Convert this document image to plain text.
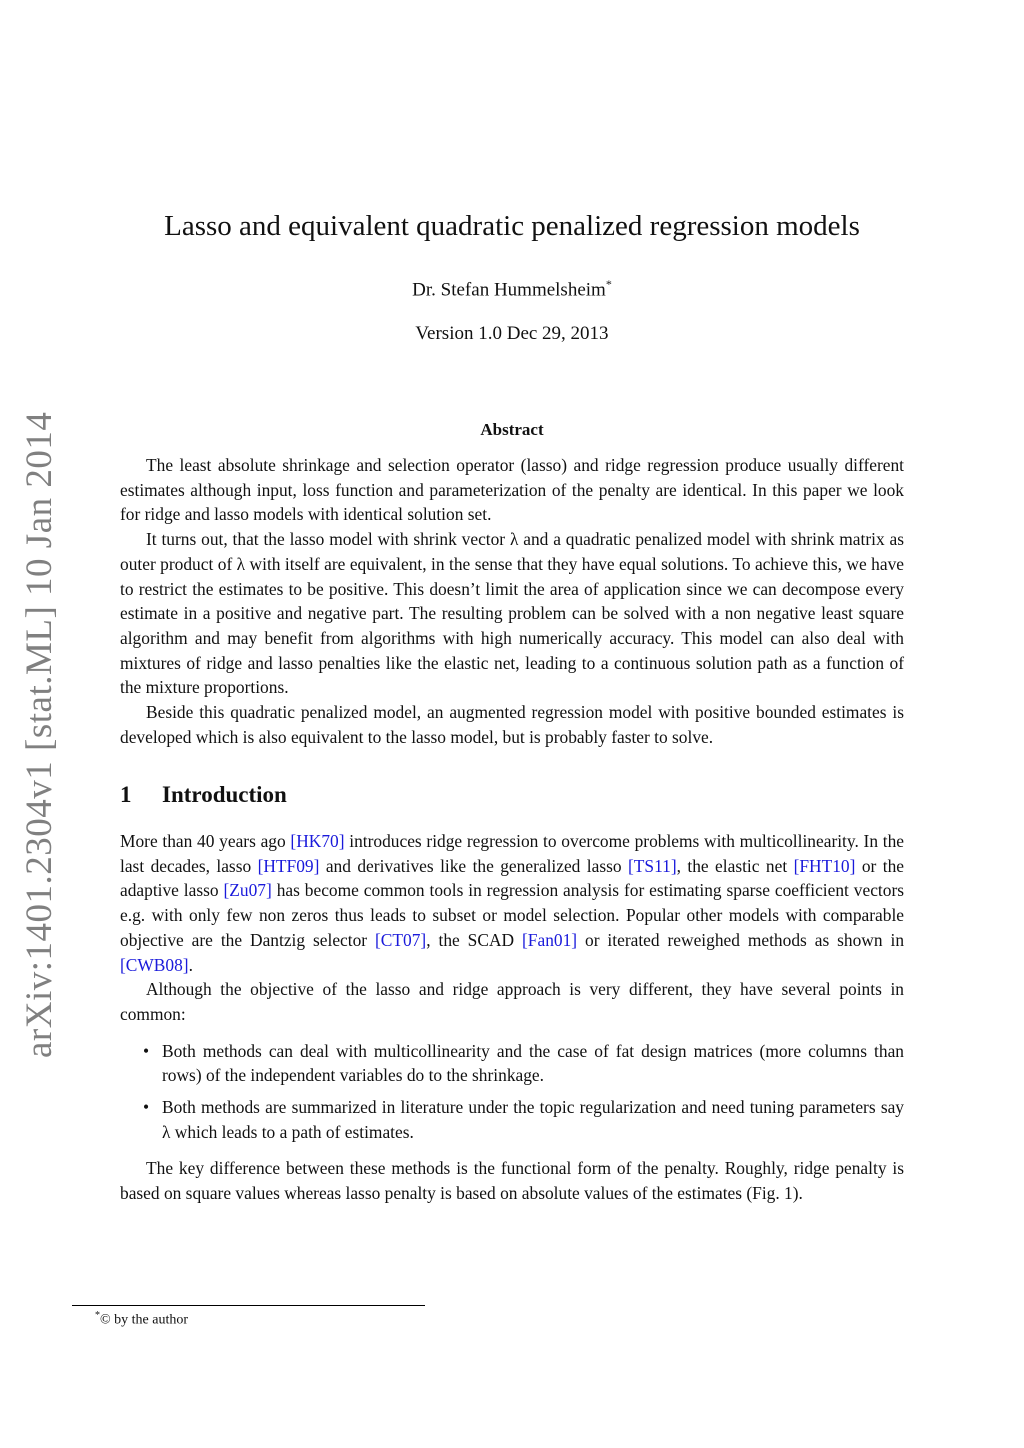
arXiv:1401.2304v1 [stat.ML] 10 Jan 2014
Lasso and equivalent quadratic penalized regression models
Dr. Stefan Hummelsheim*
Version 1.0 Dec 29, 2013
Abstract

The least absolute shrinkage and selection operator (lasso) and ridge regression produce usually different estimates although input, loss function and parameterization of the penalty are identical. In this paper we look for ridge and lasso models with identical solution set.

It turns out, that the lasso model with shrink vector λ and a quadratic penalized model with shrink matrix as outer product of λ with itself are equivalent, in the sense that they have equal solutions. To achieve this, we have to restrict the estimates to be positive. This doesn’t limit the area of application since we can decompose every estimate in a positive and negative part. The resulting problem can be solved with a non negative least square algorithm and may benefit from algorithms with high numerically accuracy. This model can also deal with mixtures of ridge and lasso penalties like the elastic net, leading to a continuous solution path as a function of the mixture proportions.

Beside this quadratic penalized model, an augmented regression model with positive bounded estimates is developed which is also equivalent to the lasso model, but is probably faster to solve.

1 Introduction

More than 40 years ago [HK70] introduces ridge regression to overcome problems with multicollinearity. In the last decades, lasso [HTF09] and derivatives like the generalized lasso [TS11], the elastic net [FHT10] or the adaptive lasso [Zu07] has become common tools in regression analysis for estimating sparse coefficient vectors e.g. with only few non zeros thus leads to subset or model selection. Popular other models with comparable objective are the Dantzig selector [CT07], the SCAD [Fan01] or iterated reweighed methods as shown in [CWB08].

Although the objective of the lasso and ridge approach is very different, they have several points in common:

• Both methods can deal with multicollinearity and the case of fat design matrices (more columns than rows) of the independent variables do to the shrinkage.
• Both methods are summarized in literature under the topic regularization and need tuning parameters say λ which leads to a path of estimates.

The key difference between these methods is the functional form of the penalty. Roughly, ridge penalty is based on square values whereas lasso penalty is based on absolute values of the estimates (Fig. 1).

*© by the author
